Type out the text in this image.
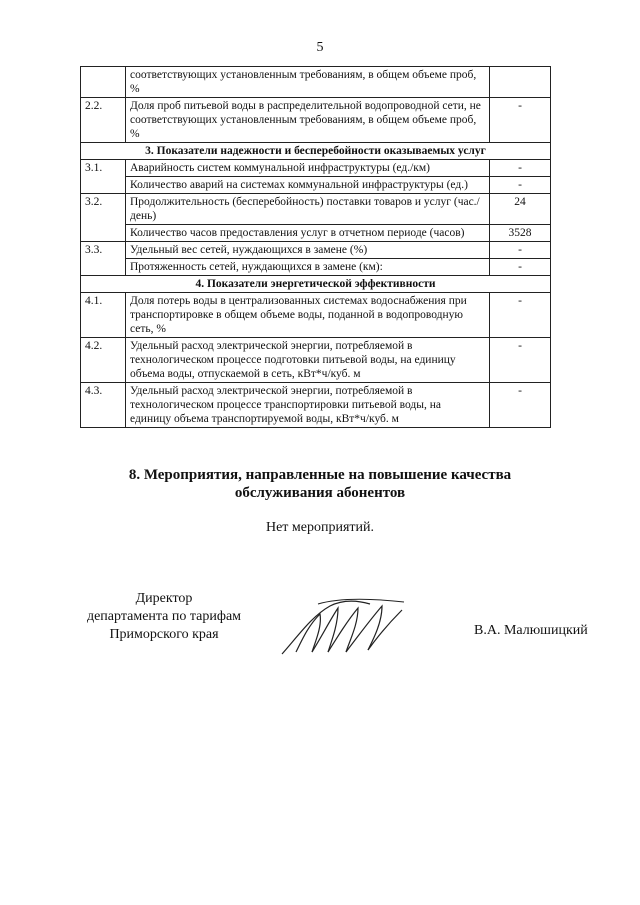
5
	соответствующих установленным требованиям, в общем объеме проб, %	
2.2.	Доля проб питьевой воды в распределительной водопроводной сети, не соответствующих установленным требованиям, в общем объеме проб, %	-
3. Показатели надежности и бесперебойности оказываемых услуг		
3.1.	Аварийность систем коммунальной инфраструктуры (ед./км)	-
	Количество аварий на системах коммунальной инфраструктуры (ед.)	-
3.2.	Продолжительность (бесперебойность) поставки товаров и услуг (час./день)	24
	Количество часов предоставления услуг в отчетном периоде (часов)	3528
3.3.	Удельный вес сетей, нуждающихся в замене (%)	-
	Протяженность сетей, нуждающихся в замене (км):	-
4. Показатели энергетической эффективности		
4.1.	Доля потерь воды в централизованных системах водоснабжения при транспортировке в общем объеме воды, поданной в водопроводную сеть, %	-
4.2.	Удельный расход электрической энергии, потребляемой в технологическом процессе подготовки питьевой воды, на единицу объема воды, отпускаемой в сеть, кВт*ч/куб. м	-
4.3.	Удельный расход электрической энергии, потребляемой в технологическом процессе транспортировки питьевой воды, на единицу объема транспортируемой воды, кВт*ч/куб. м	-
8. Мероприятия, направленные на повышение качества
обслуживания абонентов
Нет мероприятий.
Директор
департамента по тарифам
Приморского края	В.А. Малюшицкий
